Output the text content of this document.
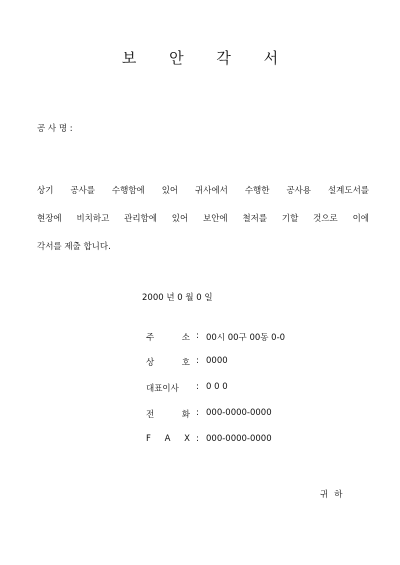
보 안 각 서
공 사 명 :
상기 공사를 수행함에 있어 귀사에서 수행한 공사용 설계도서를
현장에 비치하고 관리함에 있어 보안에 철저를 기할 것으로 이에
각서를 제출 합니다.
2000 년 0 월 0 일
주 소 : 00시 00구 00동 0-0
상 호 : 0000
대표이사	: 0 0 0
전 화 : 000-0000-0000
F A X : 000-0000-0000
귀하
